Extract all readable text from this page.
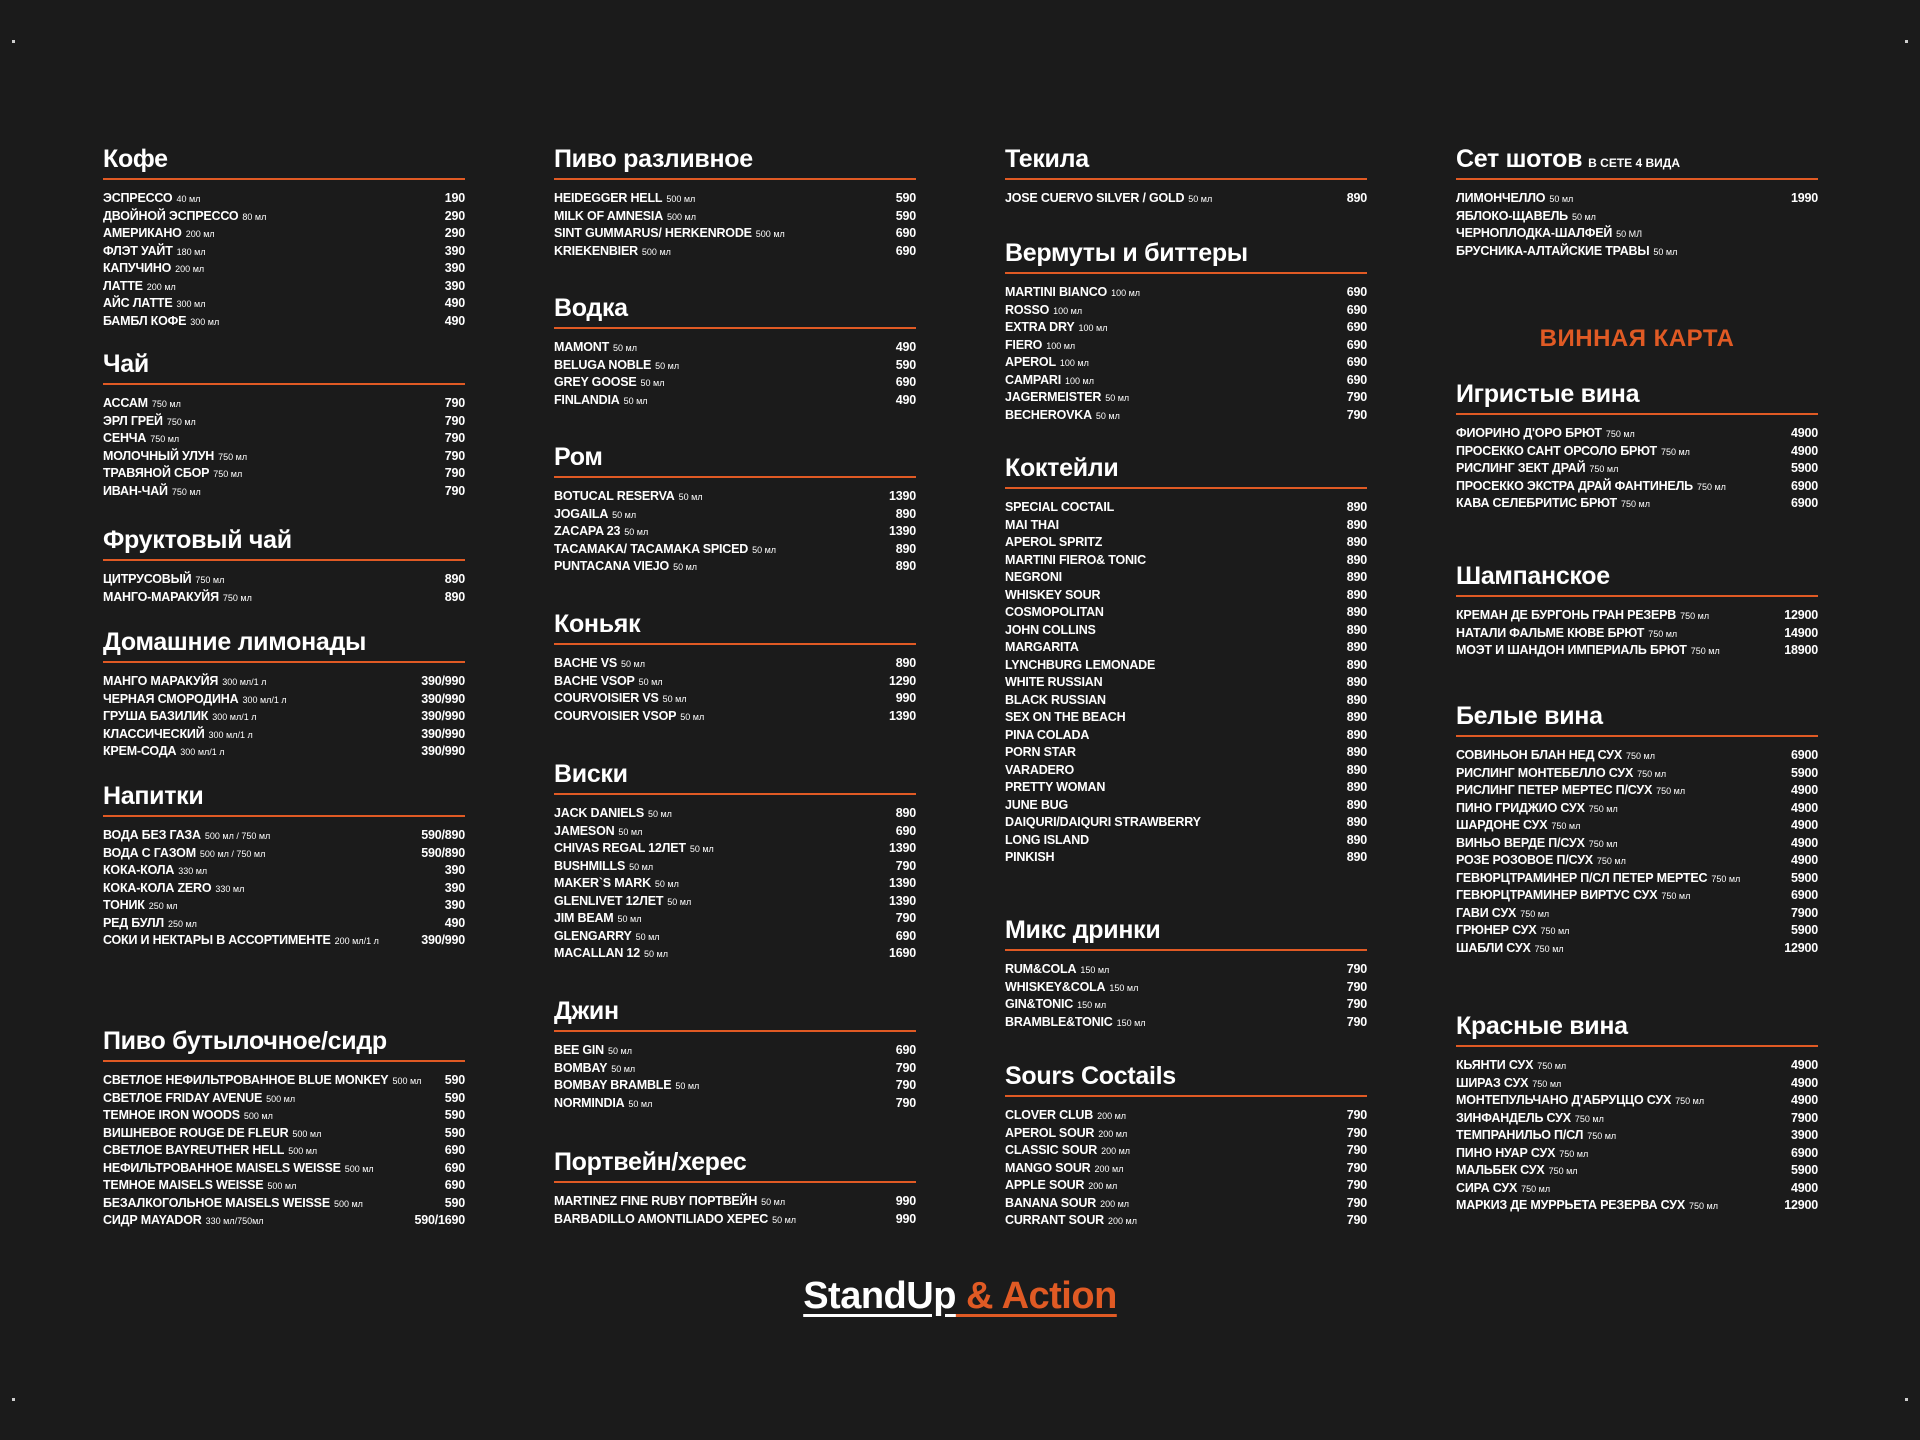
Кофе
ЭСПРЕССО 40 мл	190
ДВОЙНОЙ ЭСПРЕССО 80 мл	290
АМЕРИКАНО 200 мл	290
ФЛЭТ УАЙТ 180 мл	390
КАПУЧИНО 200 мл	390
ЛАТТЕ 200 мл	390
АЙС ЛАТТЕ 300 мл	490
БАМБЛ КОФЕ 300 мл	490
Чай
АССАМ 750 мл	790
ЭРЛ ГРЕЙ 750 мл	790
СЕНЧА 750 мл	790
МОЛОЧНЫЙ УЛУН 750 мл	790
ТРАВЯНОЙ СБОР 750 мл	790
ИВАН-ЧАЙ 750 мл	790
Фруктовый чай
ЦИТРУСОВЫЙ 750 мл	890
МАНГО-МАРАКУЙЯ 750 мл	890
Домашние лимонады
МАНГО МАРАКУЙЯ 300 мл/1 л	390/990
ЧЕРНАЯ СМОРОДИНА 300 мл/1 л	390/990
ГРУША БАЗИЛИК 300 мл/1 л	390/990
КЛАССИЧЕСКИЙ 300 мл/1 л	390/990
КРЕМ-СОДА 300 мл/1 л	390/990
Напитки
ВОДА БЕЗ ГАЗА 500 мл / 750 мл	590/890
ВОДА С ГАЗОМ 500 мл / 750 мл	590/890
КОКА-КОЛА 330 мл	390
КОКА-КОЛА ZERO 330 мл	390
ТОНИК 250 мл	390
РЕД БУЛЛ 250 мл	490
СОКИ И НЕКТАРЫ В АССОРТИМЕНТЕ 200 мл/1 л	390/990
Пиво бутылочное/сидр
СВЕТЛОЕ НЕФИЛЬТРОВАННОЕ BLUE MONKEY 500 мл 590
СВЕТЛОЕ FRIDAY AVENUE 500 мл	590
ТЕМНОЕ IRON WOODS 500 мл	590
ВИШНЕВОЕ ROUGE DE FLEUR 500 мл	590
СВЕТЛОЕ BAYREUTHER HELL 500 мл	690
НЕФИЛЬТРОВАННОЕ MAISELS WEISSE 500 мл	690
ТЕМНОЕ MAISELS WEISSE 500 мл	690
БЕЗАЛКОГОЛЬНОЕ MAISELS WEISSE 500 мл	590
СИДР MAYADOR 330 мл/750мл	590/1690
Пиво разливное
HEIDEGGER HELL 500 мл	590
MILK OF AMNESIA 500 мл	590
SINT GUMMARUS/ HERKENRODE 500 мл	690
KRIEKENBIER 500 мл	690
Водка
MAMONT 50 мл	490
BELUGA NOBLE 50 мл	590
GREY GOOSE 50 мл	690
FINLANDIA 50 мл	490
Ром
BOTUCAL RESERVA 50 мл	1390
JOGAILA 50 мл	890
ZACAPA 23 50 мл	1390
TACAMAKA/ TACAMAKA SPICED 50 мл	890
PUNTACANA VIEJO 50 мл	890
Коньяк
BACHE VS 50 мл	890
BACHE VSOP 50 мл	1290
COURVOISIER VS 50 мл	990
COURVOISIER VSOP 50 мл	1390
Виски
JACK DANIELS 50 мл	890
JAMESON 50 мл	690
CHIVAS REGAL 12ЛЕТ 50 мл	1390
BUSHMILLS 50 мл	790
MAKER`S MARK 50 мл	1390
GLENLIVET 12ЛЕТ 50 мл	1390
JIM BEAM 50 мл	790
GLENGARRY 50 мл	690
MACALLAN 12 50 мл	1690
Джин
BEE GIN 50 мл	690
BOMBAY 50 мл	790
BOMBAY BRAMBLE 50 мл	790
NORMINDIA 50 мл	790
Портвейн/херес
MARTINEZ FINE RUBY ПОРТВЕЙН 50 мл	990
BARBADILLO AMONTILIADO ХЕРЕС 50 мл	990
Текила
JOSE CUERVO SILVER / GOLD 50 мл	890
Вермуты и биттеры
MARTINI BIANCO 100 мл	690
ROSSO 100 мл	690
EXTRA DRY 100 мл	690
FIERO 100 мл	690
APEROL 100 мл	690
CAMPARI 100 мл	690
JAGERMEISTER 50 мл	790
BECHEROVKA 50 мл	790
Коктейли
SPECIAL COCTAIL	890
MAI THAI	890
APEROL SPRITZ	890
MARTINI FIERO& TONIC	890
NEGRONI	890
WHISKEY SOUR	890
COSMOPOLITAN	890
JOHN COLLINS	890
MARGARITA	890
LYNCHBURG LEMONADE	890
WHITE RUSSIAN	890
BLACK RUSSIAN	890
SEX ON THE BEACH	890
PINA COLADA	890
PORN STAR	890
VARADERO	890
PRETTY WOMAN	890
JUNE BUG	890
DAIQURI/DAIQURI STRAWBERRY	890
LONG ISLAND	890
PINKISH	890
Микс дринки
RUM&COLA 150 мл	790
WHISKEY&COLA 150 мл	790
GIN&TONIC 150 мл	790
BRAMBLE&TONIC 150 мл	790
Sours Coctails
CLOVER CLUB 200 мл	790
APEROL SOUR 200 мл	790
CLASSIC SOUR 200 мл	790
MANGO SOUR 200 мл	790
APPLE SOUR 200 мл	790
BANANA SOUR 200 мл	790
CURRANT SOUR 200 мл	790
ВИННАЯ КАРТА
Сет шотов В СЕТЕ 4 ВИДА
ЛИМОНЧЕЛЛО 50 мл	1990
ЯБЛОКО-ЩАВЕЛЬ 50 мл
ЧЕРНОПЛОДКА-ШАЛФЕЙ 50 МЛ
БРУСНИКА-АЛТАЙСКИЕ ТРАВЫ 50 мл
Игристые вина
ФИОРИНО Д'ОРО БРЮТ 750 мл	4900
ПРОСЕККО САНТ ОРСОЛО БРЮТ 750 мл	4900
РИСЛИНГ ЗЕКТ ДРАЙ 750 мл	5900
ПРОСЕККО ЭКСТРА ДРАЙ ФАНТИНЕЛЬ 750 мл	6900
КАВА СЕЛЕБРИТИС БРЮТ 750 мл	6900
Шампанское
КРЕМАН ДЕ БУРГОНЬ ГРАН РЕЗЕРВ 750 мл	12900
НАТАЛИ ФАЛЬМЕ КЮВЕ БРЮТ 750 мл	14900
МОЭТ И ШАНДОН ИМПЕРИАЛЬ БРЮТ 750 мл	18900
Белые вина
СОВИНЬОН БЛАН НЕД СУХ 750 мл	6900
РИСЛИНГ МОНТЕБЕЛЛО СУХ 750 мл	5900
РИСЛИНГ ПЕТЕР МЕРТЕС П/СУХ 750 мл	4900
ПИНО ГРИДЖИО СУХ 750 мл	4900
ШАРДОНЕ СУХ 750 мл	4900
ВИНЬО ВЕРДЕ П/СУХ 750 мл	4900
РОЗЕ РОЗОВОЕ П/СУХ 750 мл	4900
ГЕВЮРЦТРАМИНЕР П/СЛ ПЕТЕР МЕРТЕС 750 мл	5900
ГЕВЮРЦТРАМИНЕР ВИРТУС СУХ 750 мл	6900
ГАВИ СУХ 750 мл	7900
ГРЮНЕР СУХ 750 мл	5900
ШАБЛИ СУХ 750 мл	12900
Красные вина
КЬЯНТИ СУХ 750 мл	4900
ШИРАЗ СУХ 750 мл	4900
МОНТЕПУЛЬЧАНО Д'АБРУЦЦО СУХ 750 мл	4900
ЗИНФАНДЕЛЬ СУХ 750 мл	7900
ТЕМПРАНИЛЬО П/СЛ 750 мл	3900
ПИНО НУАР СУХ 750 мл	6900
МАЛЬБЕК СУХ 750 мл	5900
СИРА СУХ 750 мл	4900
МАРКИЗ ДЕ МУРРЬЕТА РЕЗЕРВА СУХ 750 мл	12900
StandUp & Action
